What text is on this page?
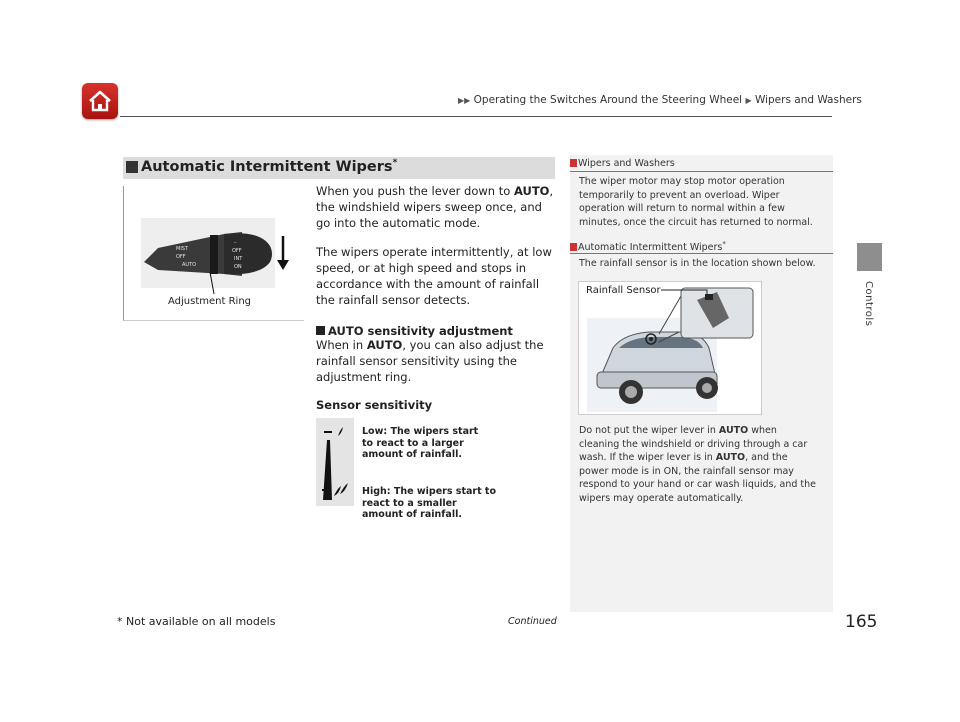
▶▶ Operating the Switches Around the Steering Wheel ▶ Wipers and Washers
Controls
Automatic Intermittent Wipers*
MIST
OFF
AUTO
–
OFF
INT
ON
Adjustment Ring
When you push the lever down to AUTO, the windshield wipers sweep once, and go into the automatic mode.
The wipers operate intermittently, at low speed, or at high speed and stops in accordance with the amount of rainfall the rainfall sensor detects.
AUTO sensitivity adjustment
When in AUTO, you can also adjust the rainfall sensor sensitivity using the adjustment ring.
Sensor sensitivity
Low: The wipers start to react to a larger amount of rainfall.
High: The wipers start to react to a smaller amount of rainfall.
Wipers and Washers
The wiper motor may stop motor operation temporarily to prevent an overload. Wiper operation will return to normal within a few minutes, once the circuit has returned to normal.
Automatic Intermittent Wipers*
The rainfall sensor is in the location shown below.
Rainfall Sensor
Do not put the wiper lever in AUTO when cleaning the windshield or driving through a car wash. If the wiper lever is in AUTO, and the power mode is in ON, the rainfall sensor may respond to your hand or car wash liquids, and the wipers may operate automatically.
* Not available on all models	Continued	165
